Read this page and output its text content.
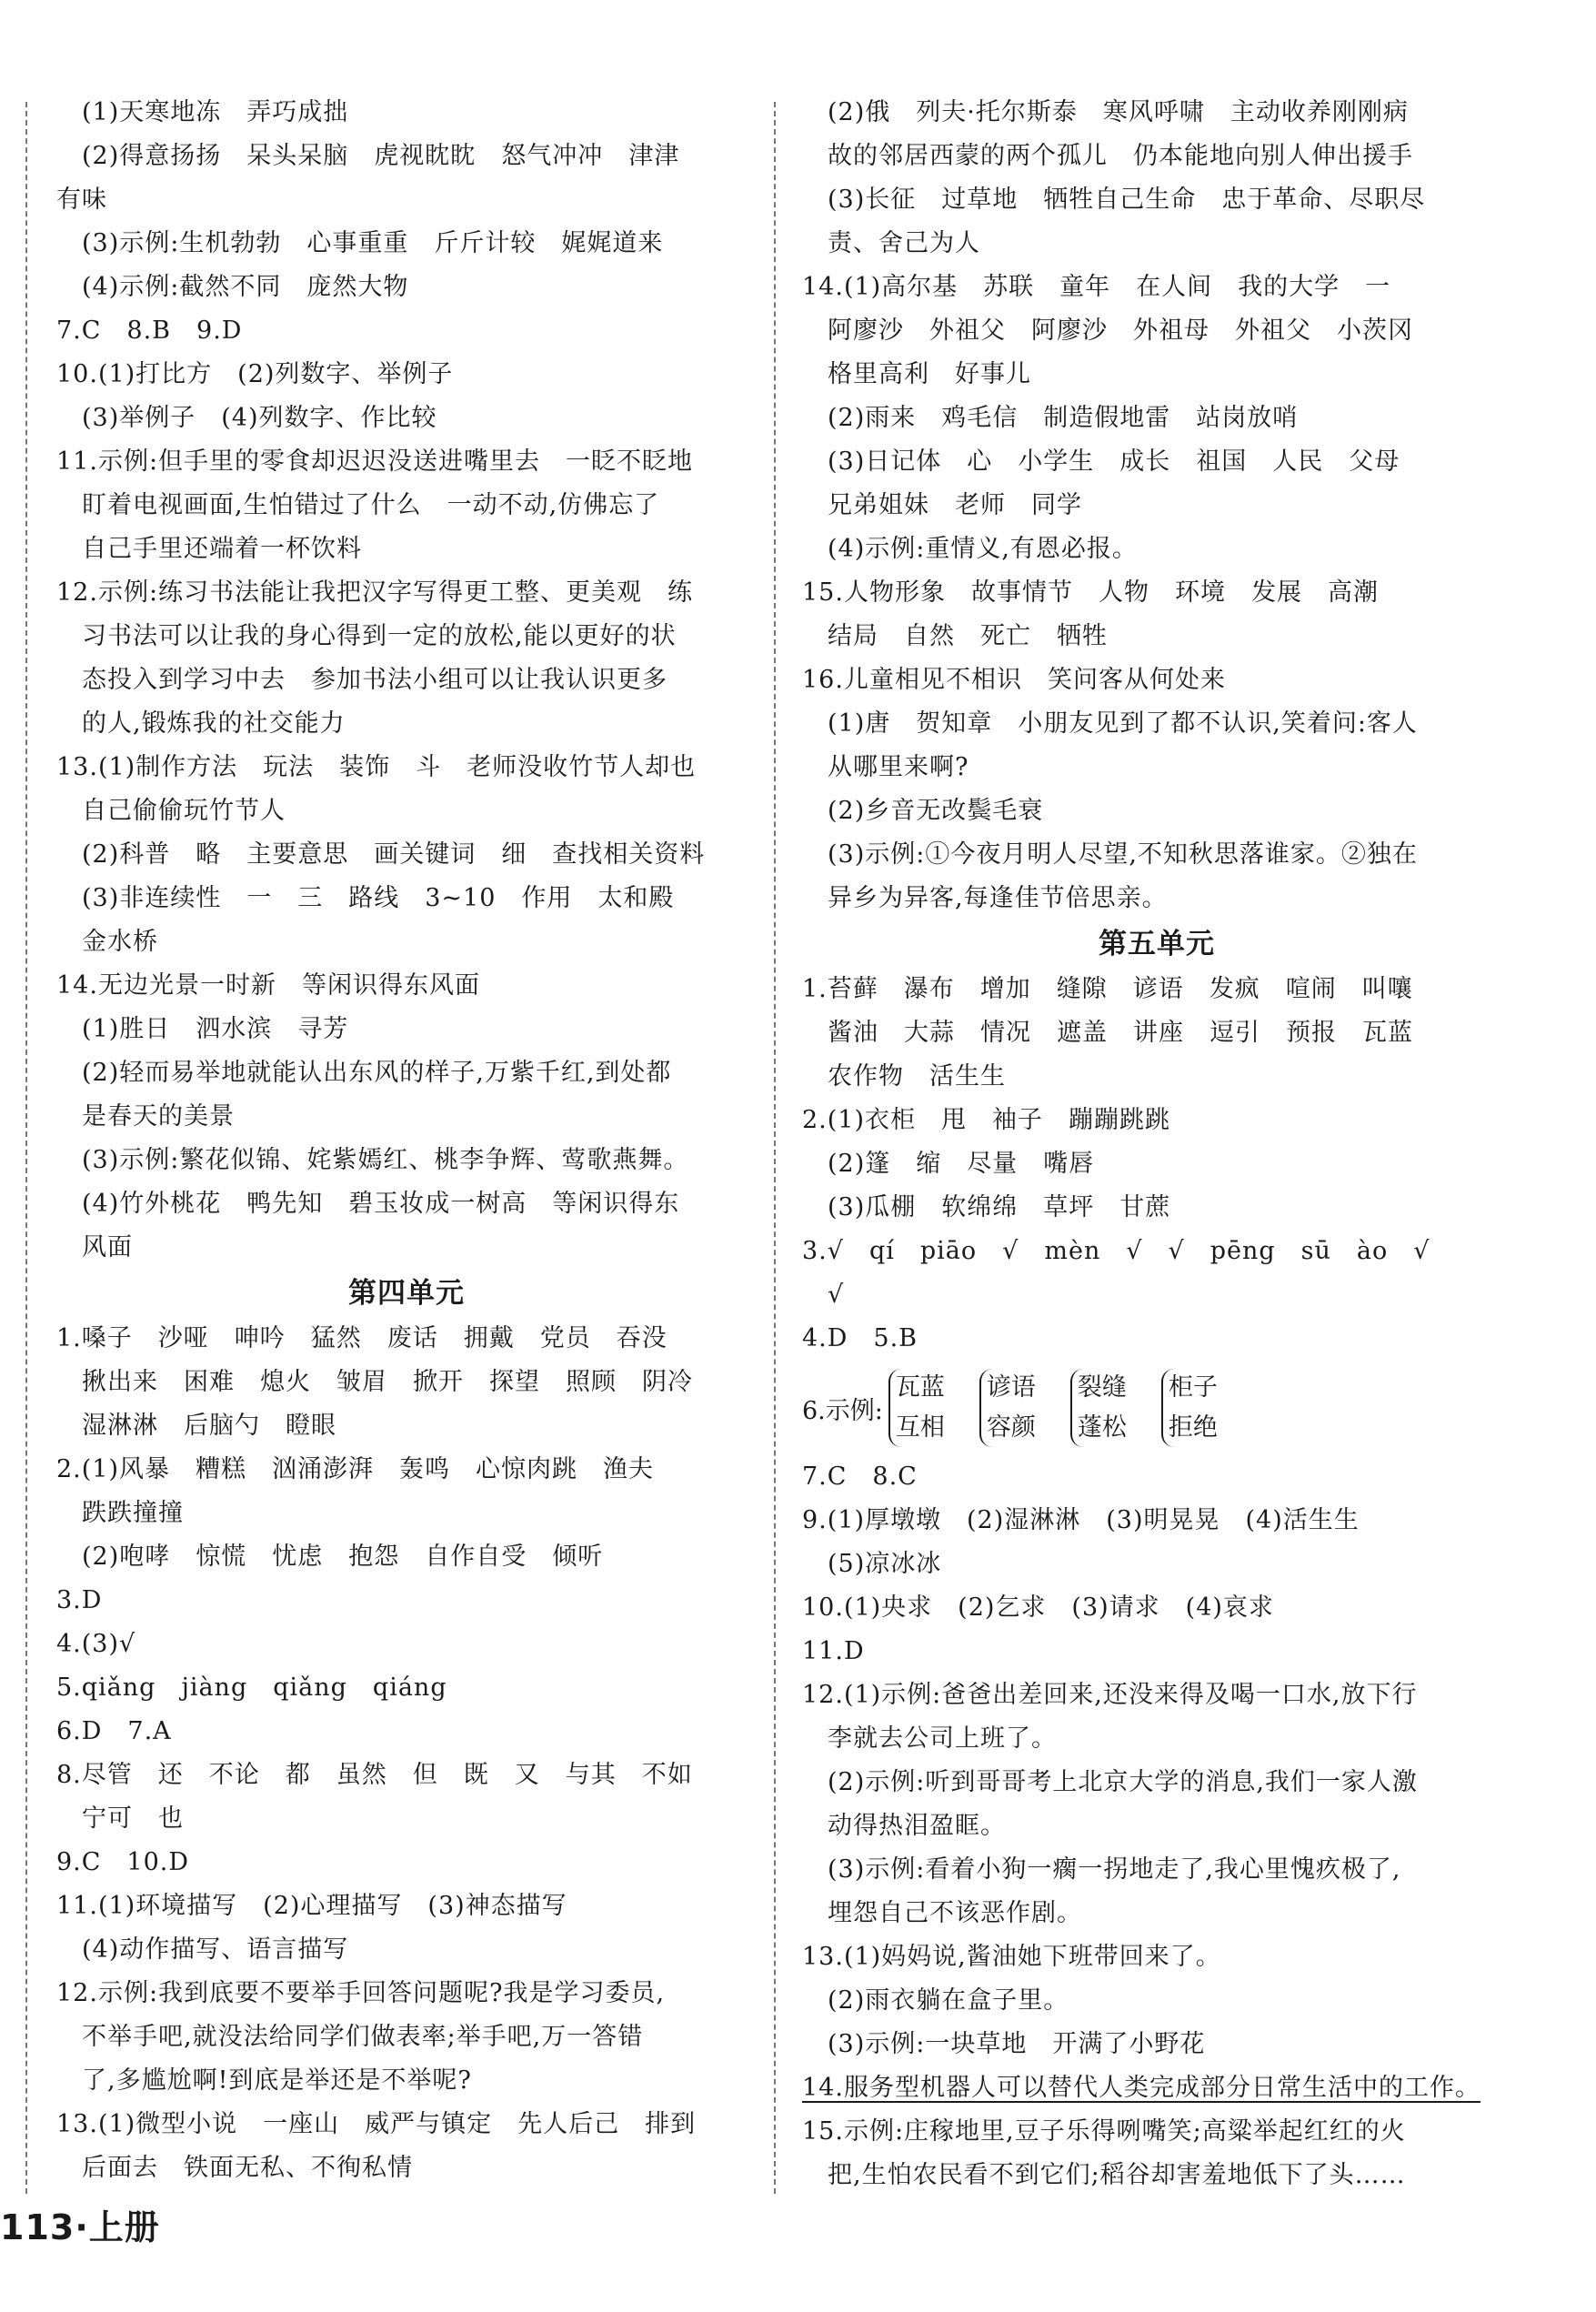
(1)天寒地冻　弄巧成拙
(2)得意扬扬　呆头呆脑　虎视眈眈　怒气冲冲　津津
有味
(3)示例:生机勃勃　心事重重　斤斤计较　娓娓道来
(4)示例:截然不同　庞然大物
7.C　8.B　9.D
10.(1)打比方　(2)列数字、举例子
(3)举例子　(4)列数字、作比较
11.示例:但手里的零食却迟迟没送进嘴里去　一眨不眨地
盯着电视画面,生怕错过了什么　一动不动,仿佛忘了
自己手里还端着一杯饮料
12.示例:练习书法能让我把汉字写得更工整、更美观　练
习书法可以让我的身心得到一定的放松,能以更好的状
态投入到学习中去　参加书法小组可以让我认识更多
的人,锻炼我的社交能力
13.(1)制作方法　玩法　装饰　斗　老师没收竹节人却也
自己偷偷玩竹节人
(2)科普　略　主要意思　画关键词　细　查找相关资料
(3)非连续性　一　三　路线　3~10　作用　太和殿
金水桥
14.无边光景一时新　等闲识得东风面
(1)胜日　泗水滨　寻芳
(2)轻而易举地就能认出东风的样子,万紫千红,到处都
是春天的美景
(3)示例:繁花似锦、姹紫嫣红、桃李争辉、莺歌燕舞。
(4)竹外桃花　鸭先知　碧玉妆成一树高　等闲识得东
风面
第四单元
1.嗓子　沙哑　呻吟　猛然　废话　拥戴　党员　吞没
揪出来　困难　熄火　皱眉　掀开　探望　照顾　阴冷
湿淋淋　后脑勺　瞪眼
2.(1)风暴　糟糕　汹涌澎湃　轰鸣　心惊肉跳　渔夫
跌跌撞撞
(2)咆哮　惊慌　忧虑　抱怨　自作自受　倾听
3.D
4.(3)√
5.qiǎng　jiàng　qiǎng　qiáng
6.D　7.A
8.尽管　还　不论　都　虽然　但　既　又　与其　不如
宁可　也
9.C　10.D
11.(1)环境描写　(2)心理描写　(3)神态描写
(4)动作描写、语言描写
12.示例:我到底要不要举手回答问题呢?我是学习委员,
不举手吧,就没法给同学们做表率;举手吧,万一答错
了,多尴尬啊!到底是举还是不举呢?
13.(1)微型小说　一座山　威严与镇定　先人后己　排到
后面去　铁面无私、不徇私情
(2)俄　列夫·托尔斯泰　寒风呼啸　主动收养刚刚病
故的邻居西蒙的两个孤儿　仍本能地向别人伸出援手
(3)长征　过草地　牺牲自己生命　忠于革命、尽职尽
责、舍己为人
14.(1)高尔基　苏联　童年　在人间　我的大学　一
阿廖沙　外祖父　阿廖沙　外祖母　外祖父　小茨冈
格里高利　好事儿
(2)雨来　鸡毛信　制造假地雷　站岗放哨
(3)日记体　心　小学生　成长　祖国　人民　父母
兄弟姐妹　老师　同学
(4)示例:重情义,有恩必报。
15.人物形象　故事情节　人物　环境　发展　高潮
结局　自然　死亡　牺牲
16.儿童相见不相识　笑问客从何处来
(1)唐　贺知章　小朋友见到了都不认识,笑着问:客人
从哪里来啊?
(2)乡音无改鬓毛衰
(3)示例:①今夜月明人尽望,不知秋思落谁家。②独在
异乡为异客,每逢佳节倍思亲。
第五单元
1.苔藓　瀑布　增加　缝隙　谚语　发疯　喧闹　叫嚷
酱油　大蒜　情况　遮盖　讲座　逗引　预报　瓦蓝
农作物　活生生
2.(1)衣柜　甩　袖子　蹦蹦跳跳
(2)篷　缩　尽量　嘴唇
(3)瓜棚　软绵绵　草坪　甘蔗
3.√　qí　piāo　√　mèn　√　√　pēng　sū　ào　√
√
4.D　5.B
6.示例:
瓦蓝
互相
谚语
容颜
裂缝
蓬松
柜子
拒绝
7.C　8.C
9.(1)厚墩墩　(2)湿淋淋　(3)明晃晃　(4)活生生
(5)凉冰冰
10.(1)央求　(2)乞求　(3)请求　(4)哀求
11.D
12.(1)示例:爸爸出差回来,还没来得及喝一口水,放下行
李就去公司上班了。
(2)示例:听到哥哥考上北京大学的消息,我们一家人激
动得热泪盈眶。
(3)示例:看着小狗一瘸一拐地走了,我心里愧疚极了,
埋怨自己不该恶作剧。
13.(1)妈妈说,酱油她下班带回来了。
(2)雨衣躺在盒子里。
(3)示例:一块草地　开满了小野花
14.服务型机器人可以替代人类完成部分日常生活中的工作。
15.示例:庄稼地里,豆子乐得咧嘴笑;高粱举起红红的火
把,生怕农民看不到它们;稻谷却害羞地低下了头……
113·上册
